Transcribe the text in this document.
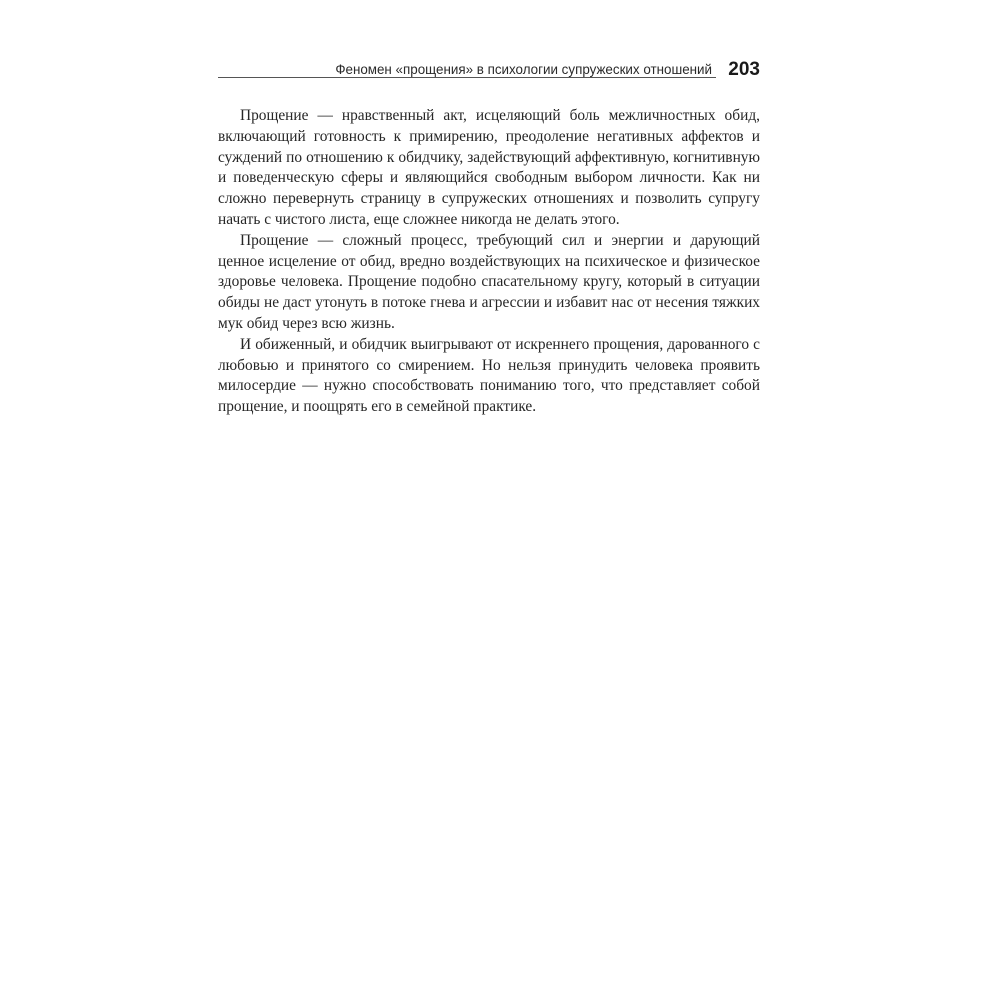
Феномен «прощения» в психологии супружеских отношений 203

Прощение — нравственный акт, исцеляющий боль межличностных обид, включающий готовность к примирению, преодоление негативных аффектов и суждений по отношению к обидчику, задействующий аффективную, когнитивную и поведенческую сферы и являющийся свободным выбором личности. Как ни сложно перевернуть страницу в супружеских отношениях и позволить супругу начать с чистого листа, еще сложнее никогда не делать этого.

Прощение — сложный процесс, требующий сил и энергии и дарующий ценное исцеление от обид, вредно воздействующих на психическое и физическое здоровье человека. Прощение подобно спасательному кругу, который в ситуации обиды не даст утонуть в потоке гнева и агрессии и избавит нас от несения тяжких мук обид через всю жизнь.

И обиженный, и обидчик выигрывают от искреннего прощения, дарованного с любовью и принятого со смирением. Но нельзя принудить человека проявить милосердие — нужно способствовать пониманию того, что представляет собой прощение, и поощрять его в семейной практике.
